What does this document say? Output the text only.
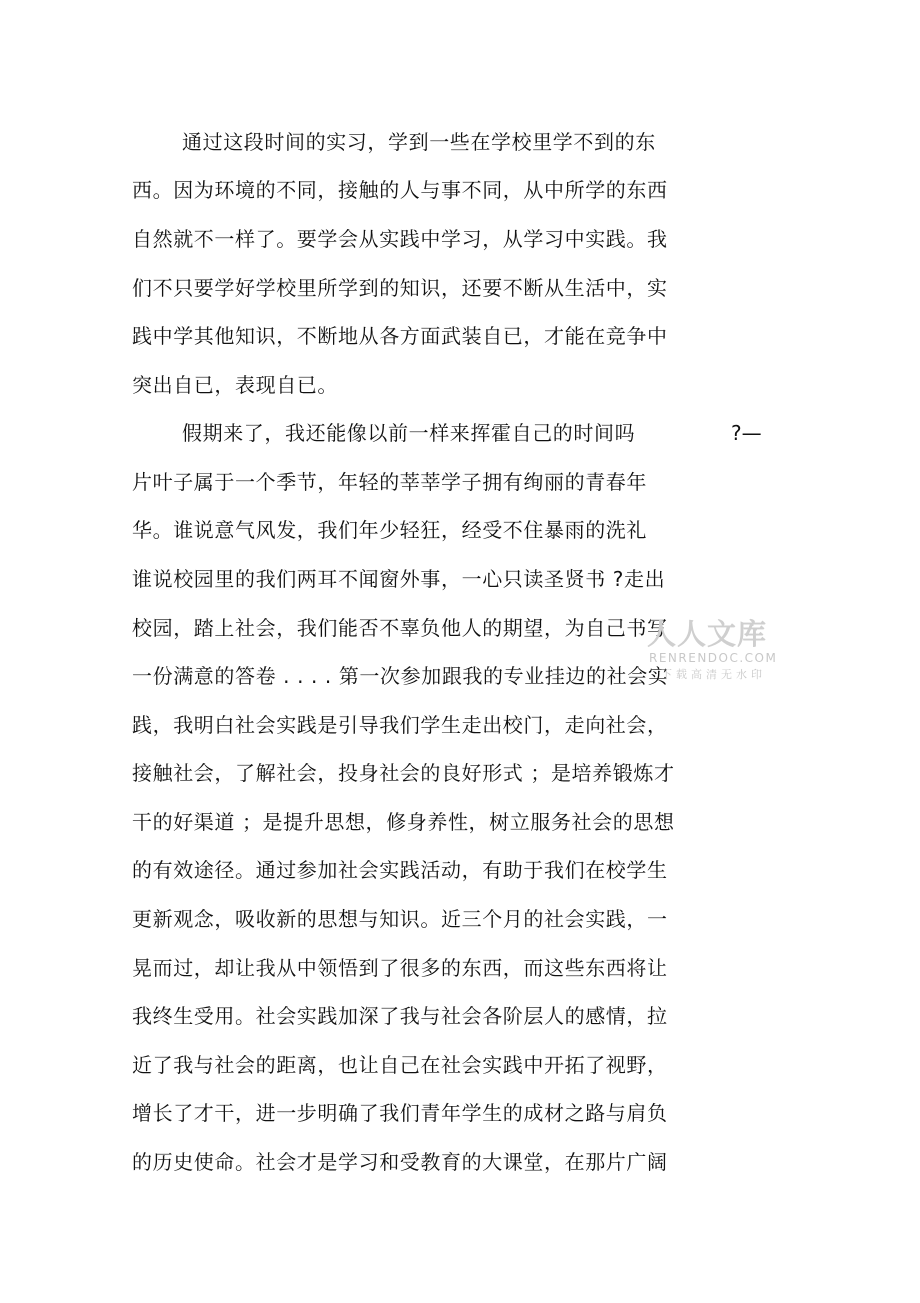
通过这段时间的实习，学到一些在学校里学不到的东
西。因为环境的不同，接触的人与事不同，从中所学的东西
自然就不一样了。要学会从实践中学习，从学习中实践。我
们不只要学好学校里所学到的知识，还要不断从生活中，实
践中学其他知识，不断地从各方面武装自已，才能在竞争中
突出自已，表现自已。
假期来了，我还能像以前一样来挥霍自己的时间吗	?—
片叶子属于一个季节，年轻的莘莘学子拥有绚丽的青春年
华。谁说意气风发，我们年少轻狂，经受不住暴雨的洗礼
谁说校园里的我们两耳不闻窗外事，一心只读圣贤书 ?走出
校园，踏上社会，我们能否不辜负他人的期望，为自己书写
一份满意的答卷 . . . . 第一次参加跟我的专业挂边的社会实
践，我明白社会实践是引导我们学生走出校门，走向社会，
接触社会，了解社会，投身社会的良好形式 ；是培养锻炼才
干的好渠道 ；是提升思想，修身养性，树立服务社会的思想
的有效途径。通过参加社会实践活动，有助于我们在校学生
更新观念，吸收新的思想与知识。近三个月的社会实践，一
晃而过，却让我从中领悟到了很多的东西，而这些东西将让
我终生受用。社会实践加深了我与社会各阶层人的感情，拉
近了我与社会的距离，也让自己在社会实践中开拓了视野，
增长了才干，进一步明确了我们青年学生的成材之路与肩负
的历史使命。社会才是学习和受教育的大课堂，在那片广阔
人人文库
RENRENDOC.COM
下载高清无水印
